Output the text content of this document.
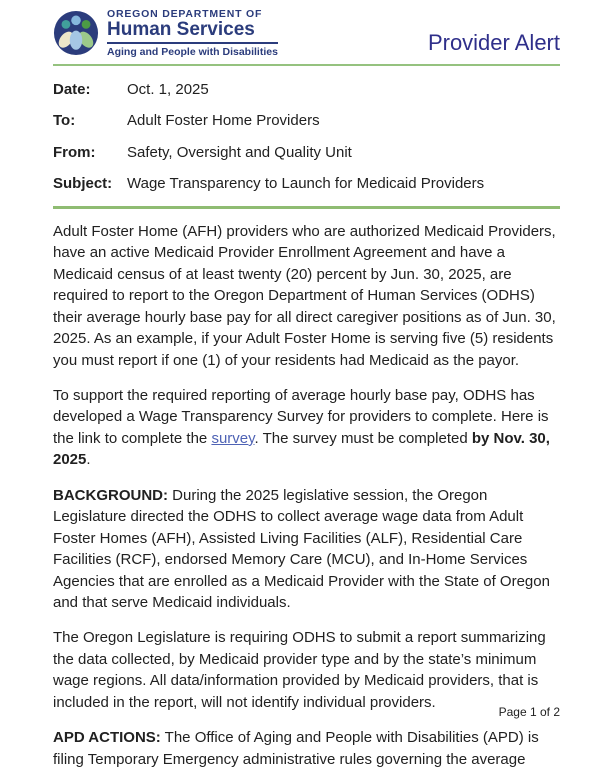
OREGON DEPARTMENT OF
Human Services
Aging and People with Disabilities	Provider Alert
Date:	Oct. 1, 2025
To:	Adult Foster Home Providers
From:	Safety, Oversight and Quality Unit
Subject: Wage Transparency to Launch for Medicaid Providers

Adult Foster Home (AFH) providers who are authorized Medicaid Providers, have an active Medicaid Provider Enrollment Agreement and have a Medicaid census of at least twenty (20) percent by Jun. 30, 2025, are required to report to the Oregon Department of Human Services (ODHS) their average hourly base pay for all direct caregiver positions as of Jun. 30, 2025. As an example, if your Adult Foster Home is serving five (5) residents you must report if one (1) of your residents had Medicaid as the payor.

To support the required reporting of average hourly base pay, ODHS has developed a Wage Transparency Survey for providers to complete. Here is the link to complete the survey. The survey must be completed by Nov. 30, 2025.

BACKGROUND: During the 2025 legislative session, the Oregon Legislature directed the ODHS to collect average wage data from Adult Foster Homes (AFH), Assisted Living Facilities (ALF), Residential Care Facilities (RCF), endorsed Memory Care (MCU), and In-Home Services Agencies that are enrolled as a Medicaid Provider with the State of Oregon and that serve Medicaid individuals.

The Oregon Legislature is requiring ODHS to submit a report summarizing the data collected, by Medicaid provider type and by the state’s minimum wage regions. All data/information provided by Medicaid providers, that is included in the report, will not identify individual providers.

APD ACTIONS: The Office of Aging and People with Disabilities (APD) is filing Temporary Emergency administrative rules governing the average

Page 1 of 2
